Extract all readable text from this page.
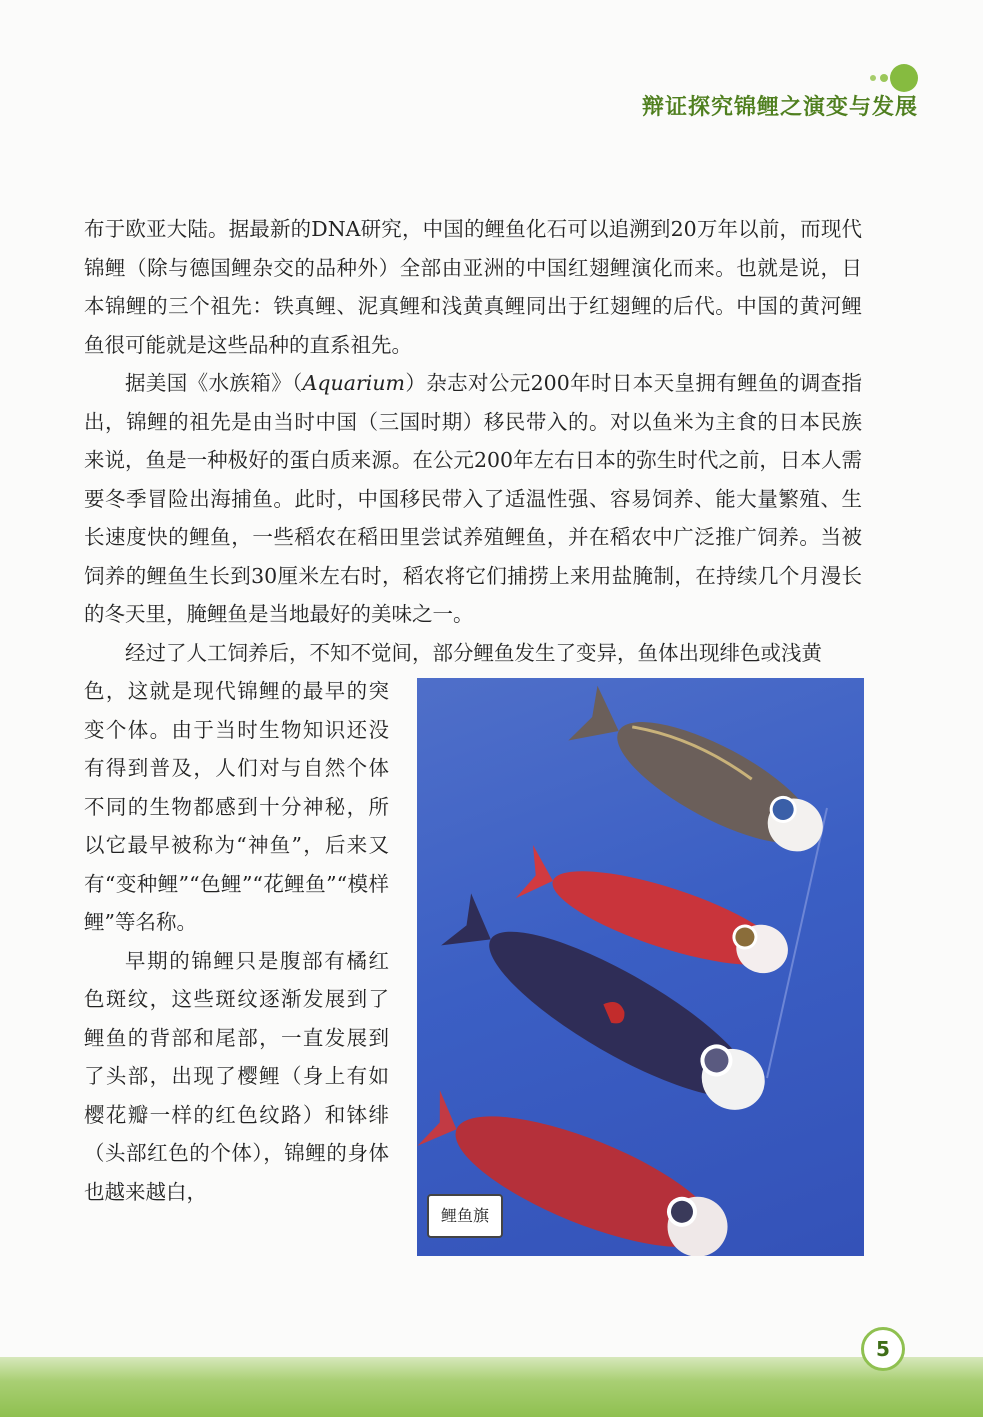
辩证探究锦鲤之演变与发展

布于欧亚大陆。据最新的DNA研究，中国的鲤鱼化石可以追溯到20万年以前，而现代锦鲤（除与德国鲤杂交的品种外）全部由亚洲的中国红翅鲤演化而来。也就是说，日本锦鲤的三个祖先：铁真鲤、泥真鲤和浅黄真鲤同出于红翅鲤的后代。中国的黄河鲤鱼很可能就是这些品种的直系祖先。

据美国《水族箱》（Aquarium）杂志对公元200年时日本天皇拥有鲤鱼的调查指出，锦鲤的祖先是由当时中国（三国时期）移民带入的。对以鱼米为主食的日本民族来说，鱼是一种极好的蛋白质来源。在公元200年左右日本的弥生时代之前，日本人需要冬季冒险出海捕鱼。此时，中国移民带入了适温性强、容易饲养、能大量繁殖、生长速度快的鲤鱼，一些稻农在稻田里尝试养殖鲤鱼，并在稻农中广泛推广饲养。当被饲养的鲤鱼生长到30厘米左右时，稻农将它们捕捞上来用盐腌制，在持续几个月漫长的冬天里，腌鲤鱼是当地最好的美味之一。

经过了人工饲养后，不知不觉间，部分鲤鱼发生了变异，鱼体出现绯色或浅黄

鲤鱼旗

色，这就是现代锦鲤的最早的突变个体。由于当时生物知识还没有得到普及，人们对与自然个体不同的生物都感到十分神秘，所以它最早被称为“神鱼”，后来又有“变种鲤”“色鲤”“花鲤鱼”“模样鲤”等名称。

早期的锦鲤只是腹部有橘红色斑纹，这些斑纹逐渐发展到了鲤鱼的背部和尾部，一直发展到了头部，出现了樱鲤（身上有如樱花瓣一样的红色纹路）和钵绯（头部红色的个体），锦鲤的身体也越来越白，

5
